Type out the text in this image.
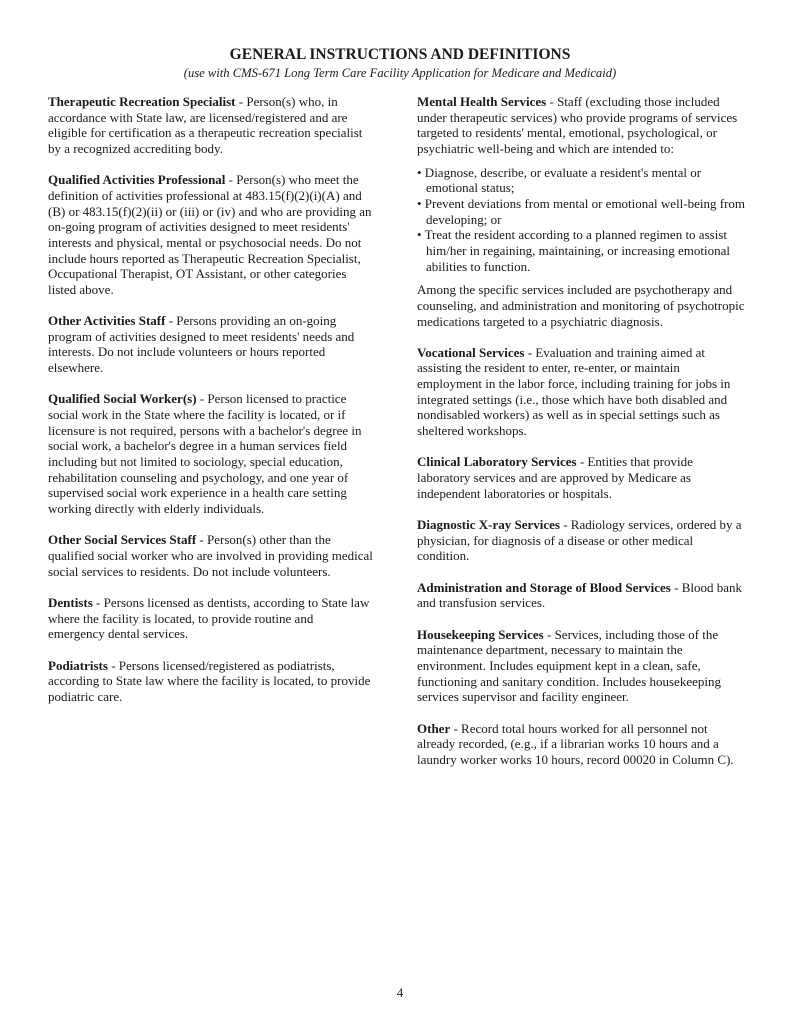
GENERAL INSTRUCTIONS AND DEFINITIONS
(use with CMS-671 Long Term Care Facility Application for Medicare and Medicaid)
Therapeutic Recreation Specialist - Person(s) who, in
accordance with State law, are licensed/registered and are
eligible for certification as a therapeutic recreation specialist
by a recognized accrediting body.
Qualified Activities Professional - Person(s) who meet the
definition of activities professional at 483.15(f)(2)(i)(A) and
(B) or 483.15(f)(2)(ii) or (iii) or (iv) and who are providing an
on-going program of activities designed to meet residents'
interests and physical, mental or psychosocial needs. Do not
include hours reported as Therapeutic Recreation Specialist,
Occupational Therapist, OT Assistant, or other categories
listed above.
Other Activities Staff - Persons providing an on-going
program of activities designed to meet residents' needs and
interests. Do not include volunteers or hours reported
elsewhere.
Qualified Social Worker(s) - Person licensed to practice
social work in the State where the facility is located, or if
licensure is not required, persons with a bachelor's degree in
social work, a bachelor's degree in a human services field
including but not limited to sociology, special education,
rehabilitation counseling and psychology, and one year of
supervised social work experience in a health care setting
working directly with elderly individuals.
Other Social Services Staff - Person(s) other than the
qualified social worker who are involved in providing medical
social services to residents. Do not include volunteers.
Dentists - Persons licensed as dentists, according to State law
where the facility is located, to provide routine and
emergency dental services.
Podiatrists - Persons licensed/registered as podiatrists,
according to State law where the facility is located, to provide
podiatric care.
Mental Health Services - Staff (excluding those included
under therapeutic services) who provide programs of services
targeted to residents' mental, emotional, psychological, or
psychiatric well-being and which are intended to:
• Diagnose, describe, or evaluate a resident's mental or
emotional status;
• Prevent deviations from mental or emotional well-being from
developing; or
• Treat the resident according to a planned regimen to assist
him/her in regaining, maintaining, or increasing emotional
abilities to function.
Among the specific services included are psychotherapy and
counseling, and administration and monitoring of psychotropic
medications targeted to a psychiatric diagnosis.
Vocational Services - Evaluation and training aimed at
assisting the resident to enter, re-enter, or maintain
employment in the labor force, including training for jobs in
integrated settings (i.e., those which have both disabled and
nondisabled workers) as well as in special settings such as
sheltered workshops.
Clinical Laboratory Services - Entities that provide
laboratory services and are approved by Medicare as
independent laboratories or hospitals.
Diagnostic X-ray Services - Radiology services, ordered by a
physician, for diagnosis of a disease or other medical
condition.
Administration and Storage of Blood Services - Blood bank
and transfusion services.
Housekeeping Services - Services, including those of the
maintenance department, necessary to maintain the
environment. Includes equipment kept in a clean, safe,
functioning and sanitary condition. Includes housekeeping
services supervisor and facility engineer.
Other - Record total hours worked for all personnel not
already recorded, (e.g., if a librarian works 10 hours and a
laundry worker works 10 hours, record 00020 in Column C).
4
